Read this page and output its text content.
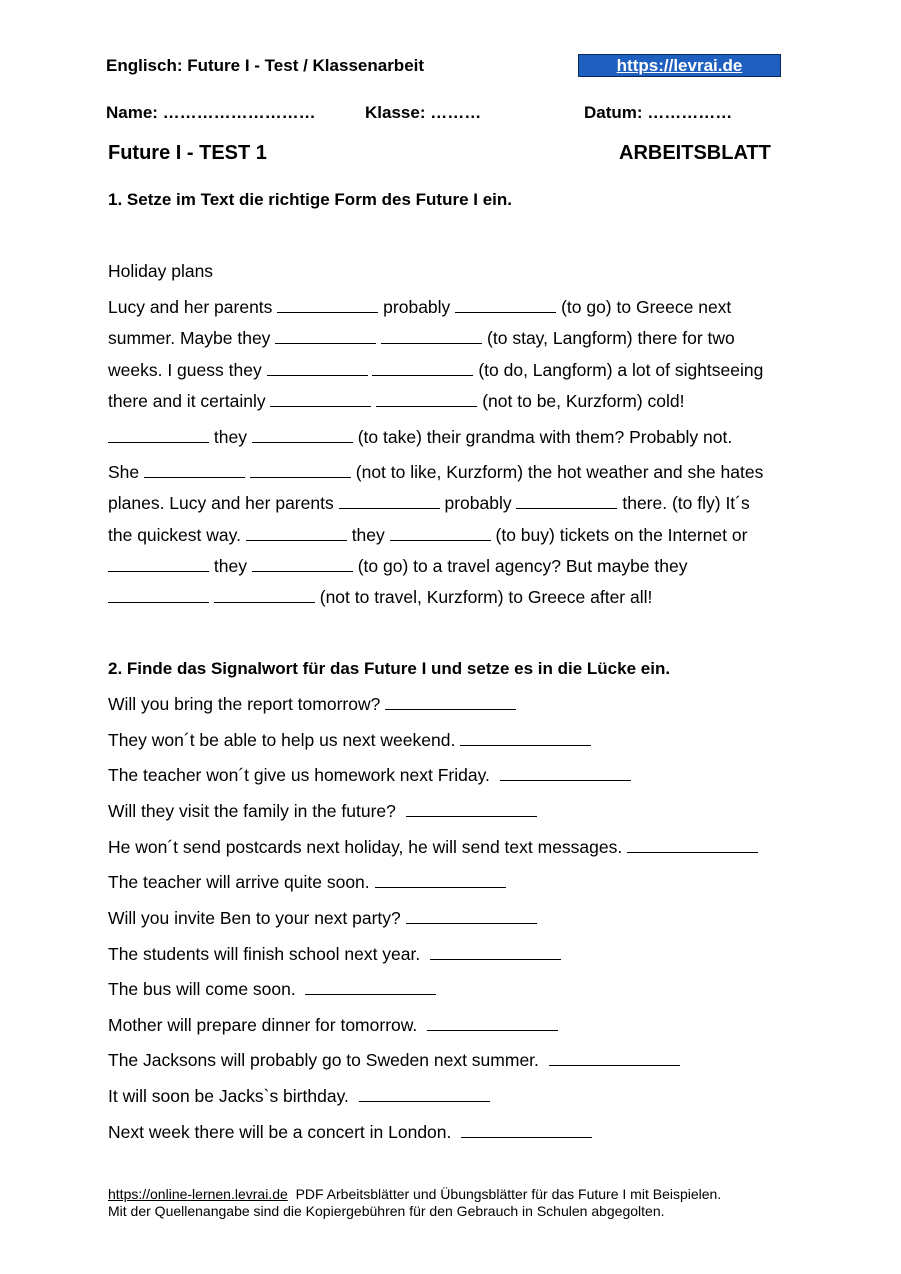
Englisch: Future I - Test / Klassenarbeit	https://levrai.de
Name: ………………………	Klasse: ………	Datum: ……………
Future I - TEST 1	ARBEITSBLATT
1. Setze im Text die richtige Form des Future I ein.
Holiday plans
Lucy and her parents	probably	(to go) to Greece next
summer. Maybe they	(to stay, Langform) there for two
weeks. I guess they	(to do, Langform) a lot of sightseeing
there and it certainly	(not to be, Kurzform) cold!
they	(to take) their grandma with them? Probably not.
She	(not to like, Kurzform) the hot weather and she hates
planes. Lucy and her parents	probably	there. (to fly) It´s
the quickest way.	they	(to buy) tickets on the Internet or
they	(to go) to a travel agency? But maybe they
(not to travel, Kurzform) to Greece after all!
2. Finde das Signalwort für das Future I und setze es in die Lücke ein.
Will you bring the report tomorrow?
They won´t be able to help us next weekend.
The teacher won´t give us homework next Friday.
Will they visit the family in the future?
He won´t send postcards next holiday, he will send text messages.
The teacher will arrive quite soon.
Will you invite Ben to your next party?
The students will finish school next year.
The bus will come soon.
Mother will prepare dinner for tomorrow.
The Jacksons will probably go to Sweden next summer.
It will soon be Jacks`s birthday.
Next week there will be a concert in London.
https://online-lernen.levrai.de PDF Arbeitsblätter und Übungsblätter für das Future I mit Beispielen.
Mit der Quellenangabe sind die Kopiergebühren für den Gebrauch in Schulen abgegolten.
